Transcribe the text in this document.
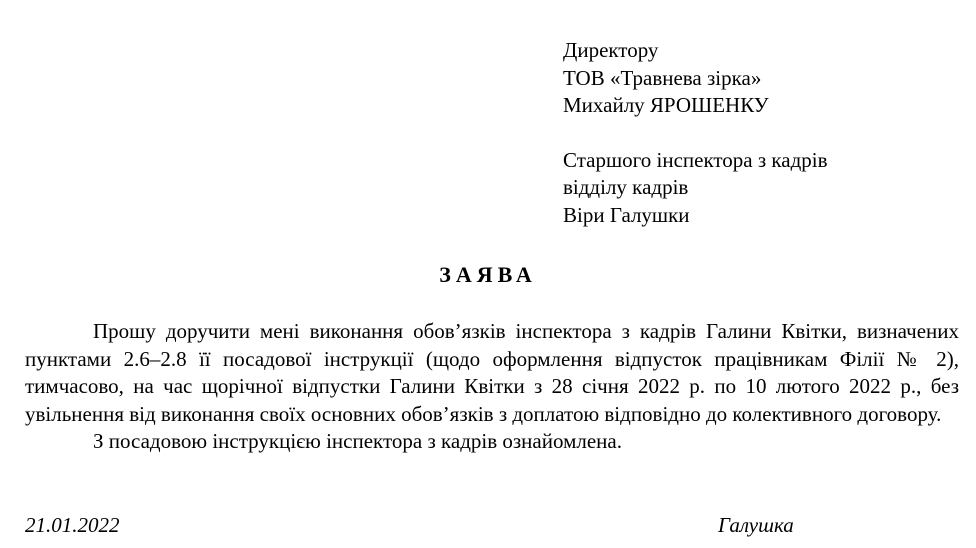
Директору
ТОВ «Травнева зірка»
Михайлу ЯРОШЕНКУ
Старшого інспектора з кадрів
відділу кадрів
Віри Галушки
ЗАЯВА

Прошу доручити мені виконання обов’язків інспектора з кадрів Галини Квітки, визначених пунктами 2.6–2.8 її посадової інструкції (щодо оформлення відпусток працівникам Філії № 2), тимчасово, на час щорічної відпустки Галини Квітки з 28 січня 2022 р. по 10 лютого 2022 р., без увільнення від виконання своїх основних обов’язків з доплатою відповідно до колективного договору.

З посадовою інструкцією інспектора з кадрів ознайомлена.

21.01.2022	Галушка
